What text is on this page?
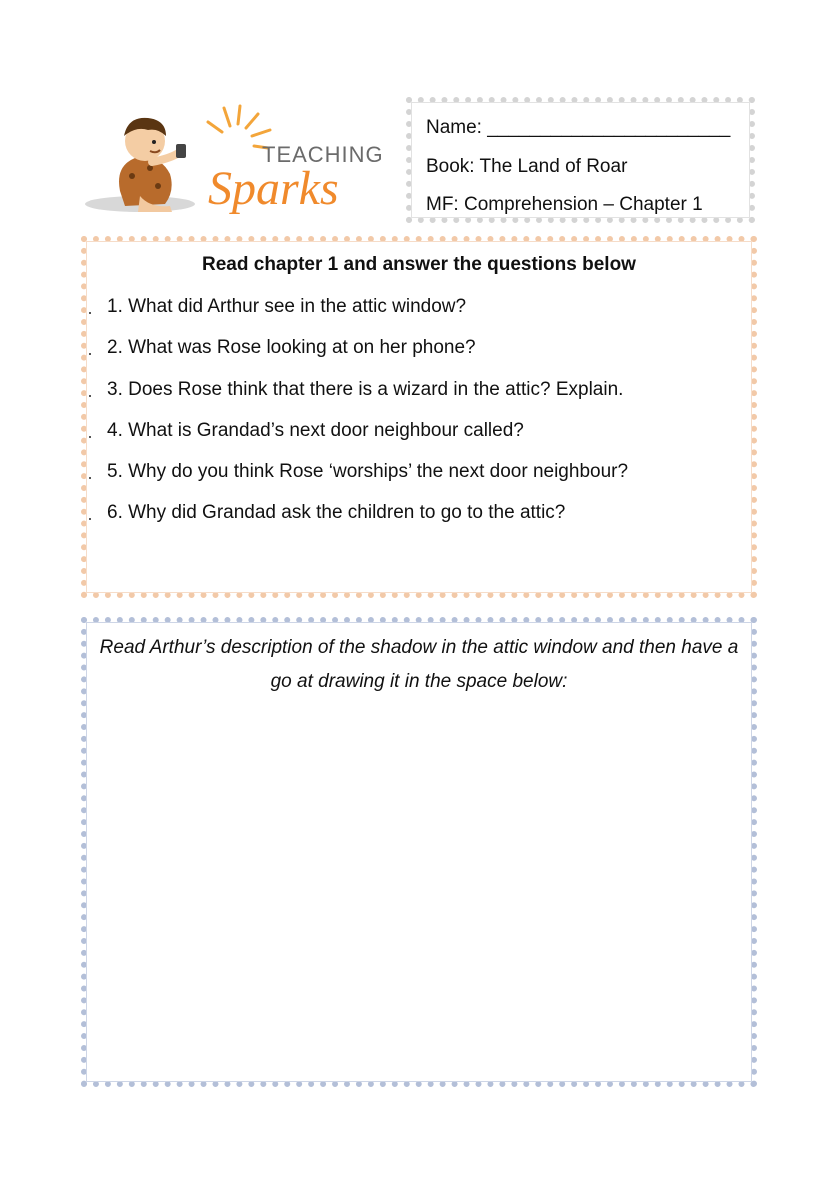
TEACHING
Sparks
Name: _______________________
Book: The Land of Roar
MF: Comprehension – Chapter 1
Read chapter 1 and answer the questions below
1. What did Arthur see in the attic window?
2. What was Rose looking at on her phone?
3. Does Rose think that there is a wizard in the attic? Explain.
4. What is Grandad’s next door neighbour called?
5. Why do you think Rose ‘worships’ the next door neighbour?
6. Why did Grandad ask the children to go to the attic?
Read Arthur’s description of the shadow in the attic window and then have a go at drawing it in the space below:
